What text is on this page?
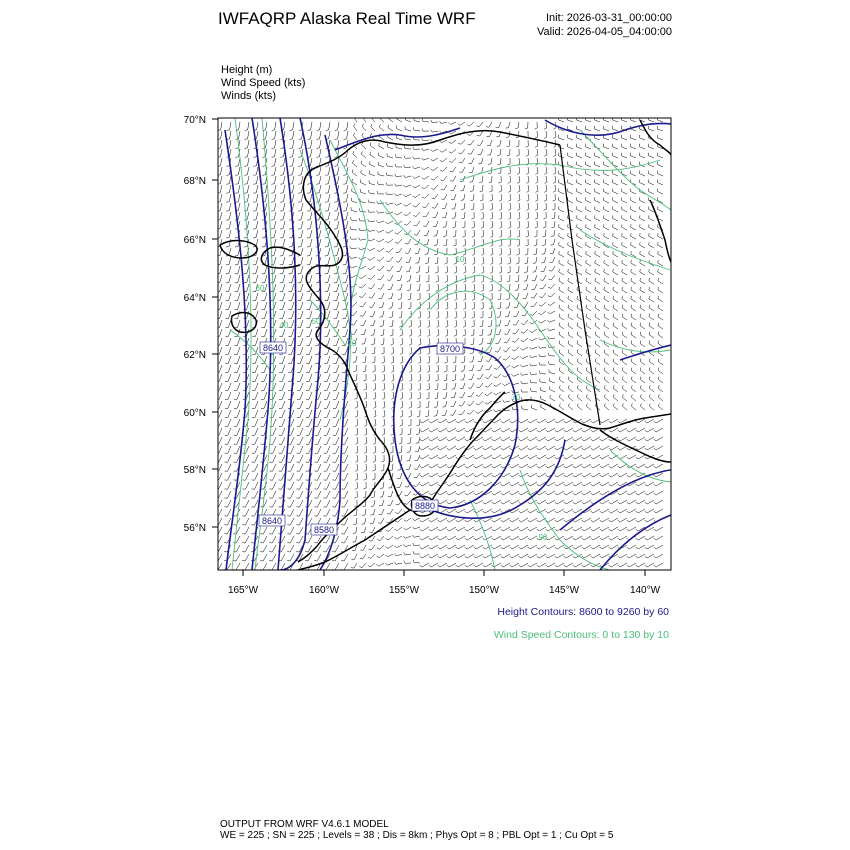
IWFAQRP Alaska Real Time WRF	Init: 2026-03-31_00:00:00
Valid: 2026-04-05_04:00:00
Height (m)
Wind Speed (kts)
Winds (kts)
8640	8700
8880
8640
8580
40	50
20
60
90
70
10
70°N
68°N
66°N
64°N
62°N
60°N
58°N
56°N
165°W	160°W	155°W	150°W	145°W	140°W
Height Contours: 8600 to 9260 by 60
Wind Speed Contours: 0 to 130 by 10
OUTPUT FROM WRF V4.6.1 MODEL
WE = 225 ; SN = 225 ; Levels = 38 ; Dis = 8km ; Phys Opt = 8 ; PBL Opt = 1 ; Cu Opt = 5
